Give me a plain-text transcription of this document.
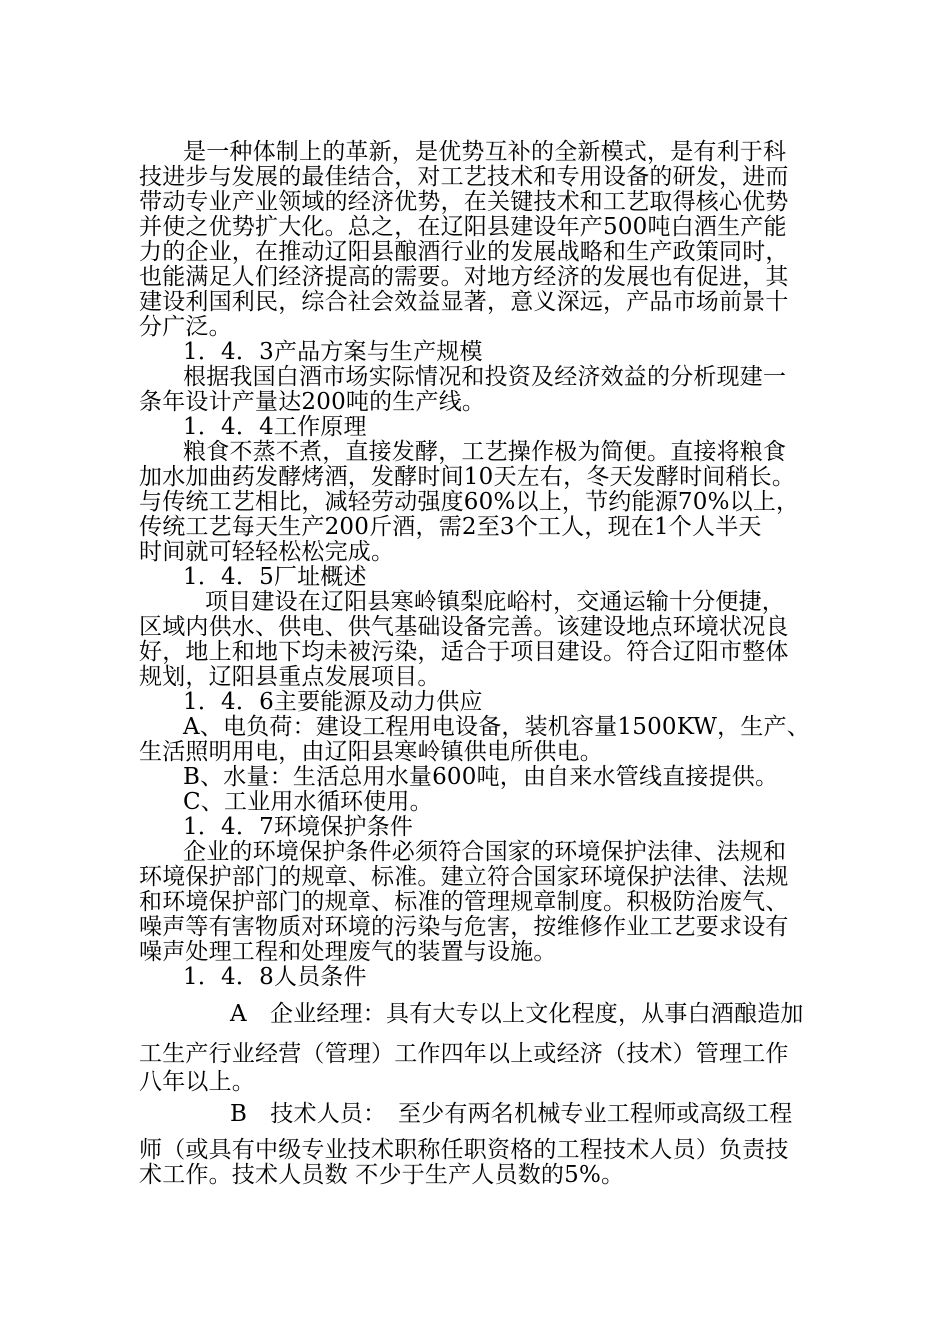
是一种体制上的革新，是优势互补的全新模式，是有利于科
技进步与发展的最佳结合，对工艺技术和专用设备的研发，进而
带动专业产业领域的经济优势，在关键技术和工艺取得核心优势
并使之优势扩大化。总之，在辽阳县建设年产500吨白酒生产能
力的企业，在推动辽阳县酿酒行业的发展战略和生产政策同时，
也能满足人们经济提高的需要。对地方经济的发展也有促进，其
建设利国利民，综合社会效益显著，意义深远，产品市场前景十
分广泛。
1．4．3产品方案与生产规模
根据我国白酒市场实际情况和投资及经济效益的分析现建一
条年设计产量达200吨的生产线。
1．4．4工作原理
粮食不蒸不煮，直接发酵，工艺操作极为简便。直接将粮食
加水加曲药发酵烤酒，发酵时间10天左右，冬天发酵时间稍长。
与传统工艺相比，减轻劳动强度60%以上，节约能源70%以上，
传统工艺每天生产200斤酒，需2至3个工人，现在1个人半天
时间就可轻轻松松完成。
1．4．5厂址概述
项目建设在辽阳县寒岭镇梨庇峪村，交通运输十分便捷，
区域内供水、供电、供气基础设备完善。该建设地点环境状况良
好，地上和地下均未被污染，适合于项目建设。符合辽阳市整体
规划，辽阳县重点发展项目。
1．4．6主要能源及动力供应
A、电负荷：建设工程用电设备，装机容量1500KW，生产、
生活照明用电，由辽阳县寒岭镇供电所供电。
B、水量：生活总用水量600吨，由自来水管线直接提供。
C、工业用水循环使用。
1．4．7环境保护条件
企业的环境保护条件必须符合国家的环境保护法律、法规和
环境保护部门的规章、标准。建立符合国家环境保护法律、法规
和环境保护部门的规章、标准的管理规章制度。积极防治废气、
噪声等有害物质对环境的污染与危害，按维修作业工艺要求设有
噪声处理工程和处理废气的装置与设施。
1．4．8人员条件
A　企业经理：具有大专以上文化程度，从事白酒酿造加
工生产行业经营（管理）工作四年以上或经济（技术）管理工作
八年以上。
B　技术人员：　至少有两名机械专业工程师或高级工程
师（或具有中级专业技术职称任职资格的工程技术人员）负责技
术工作。技术人员数 不少于生产人员数的5%。
